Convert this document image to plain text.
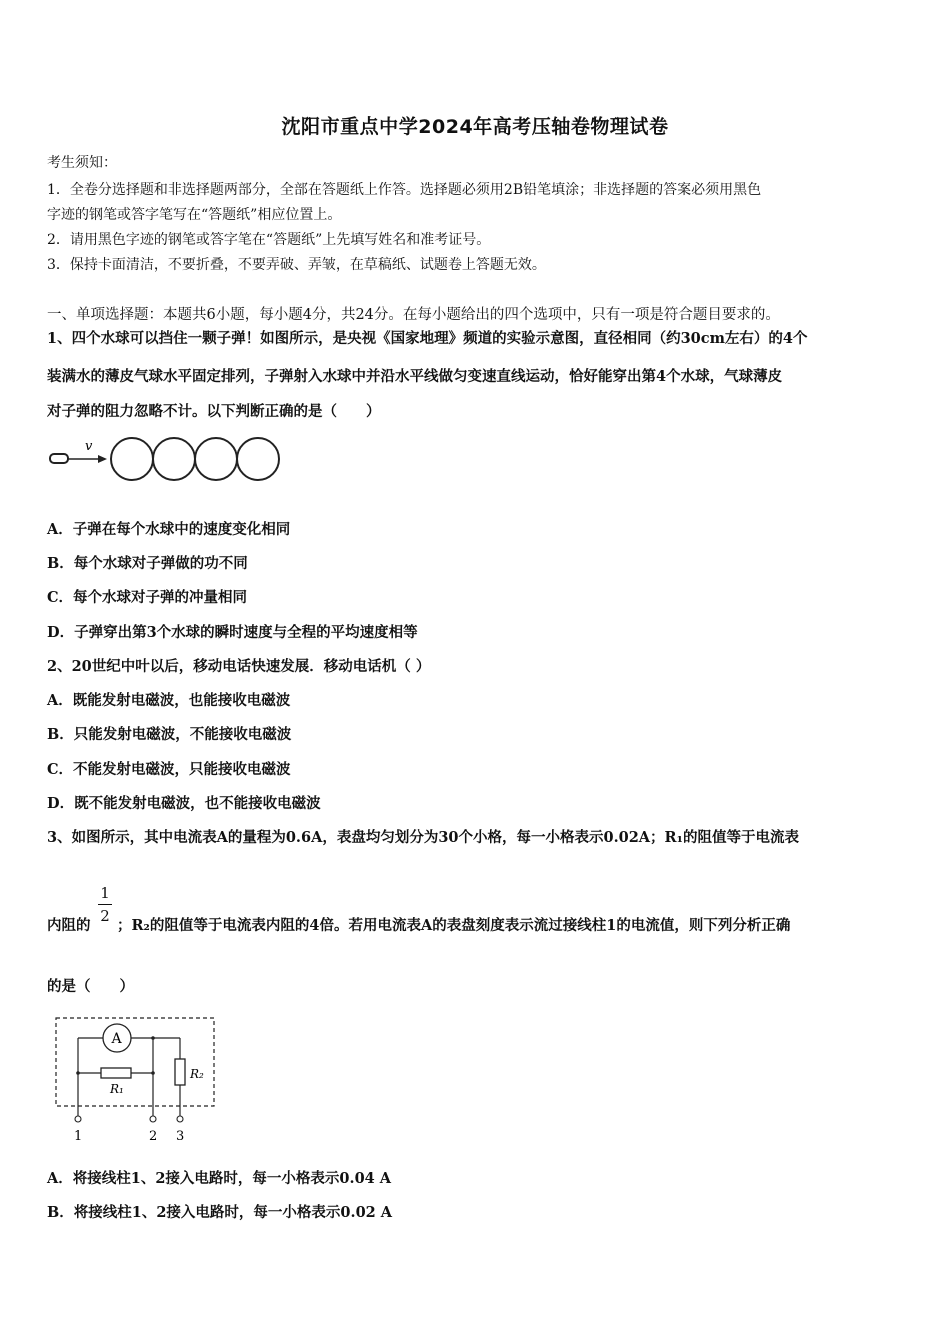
沈阳市重点中学2024年高考压轴卷物理试卷
考生须知：
1．全卷分选择题和非选择题两部分，全部在答题纸上作答。选择题必须用2B铅笔填涂；非选择题的答案必须用黑色
字迹的钢笔或答字笔写在“答题纸”相应位置上。
2．请用黑色字迹的钢笔或答字笔在“答题纸”上先填写姓名和准考证号。
3．保持卡面清洁，不要折叠，不要弄破、弄皱，在草稿纸、试题卷上答题无效。
一、单项选择题：本题共6小题，每小题4分，共24分。在每小题给出的四个选项中，只有一项是符合题目要求的。
1、四个水球可以挡住一颗子弹！如图所示，是央视《国家地理》频道的实验示意图，直径相同（约30cm左右）的4个
装满水的薄皮气球水平固定排列，子弹射入水球中并沿水平线做匀变速直线运动，恰好能穿出第4个水球，气球薄皮
对子弹的阻力忽略不计。以下判断正确的是（　　）
v
A．子弹在每个水球中的速度变化相同
B．每个水球对子弹做的功不同
C．每个水球对子弹的冲量相同
D．子弹穿出第3个水球的瞬时速度与全程的平均速度相等
2、20世纪中叶以后，移动电话快速发展．移动电话机（ ）
A．既能发射电磁波，也能接收电磁波
B．只能发射电磁波，不能接收电磁波
C．不能发射电磁波，只能接收电磁波
D．既不能发射电磁波，也不能接收电磁波
3、如图所示，其中电流表A的量程为0.6A，表盘均匀划分为30个小格，每一小格表示0.02A；R₁的阻值等于电流表
内阻的
1
2
；R₂的阻值等于电流表内阻的4倍。若用电流表A的表盘刻度表示流过接线柱1的电流值，则下列分析正确
的是（　　）
A
R₂
R₁
1	2 3
A．将接线柱1、2接入电路时，每一小格表示0.04 A
B．将接线柱1、2接入电路时，每一小格表示0.02 A
